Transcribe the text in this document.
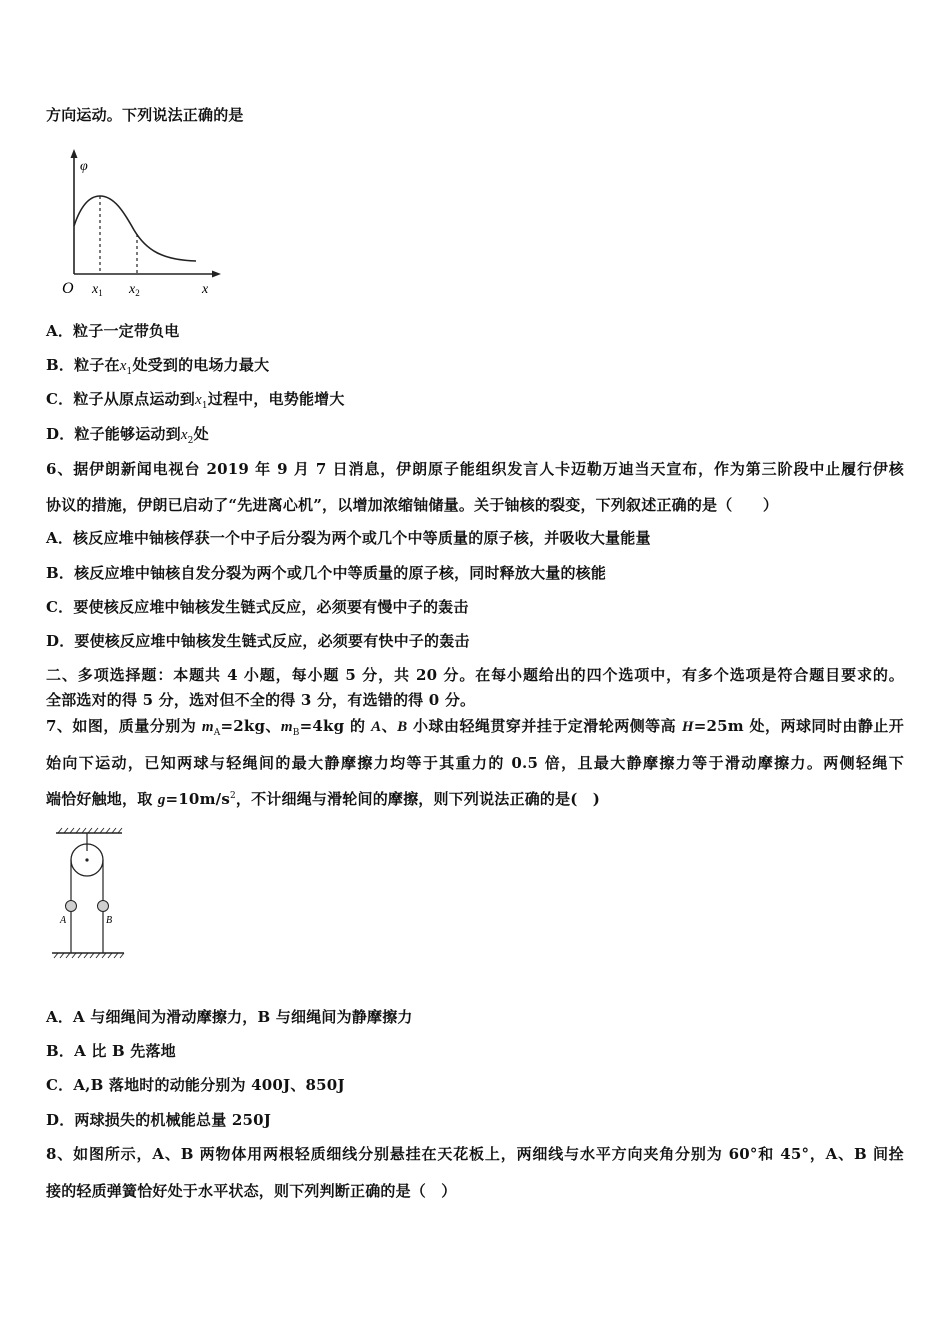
方向运动。下列说法正确的是
φ
O $x_1$ $x_2$	x
A．粒子一定带负电
B．粒子在$x_1$处受到的电场力最大
C．粒子从原点运动到$x_1$过程中，电势能增大
D．粒子能够运动到$x_2$处
6、据伊朗新闻电视台 2019 年 9 月 7 日消息，伊朗原子能组织发言人卡迈勒万迪当天宣布，作为第三阶段中止履行伊核
协议的措施，伊朗已启动了“先进离心机”，以增加浓缩铀储量。关于铀核的裂变，下列叙述正确的是（　　）
A．核反应堆中铀核俘获一个中子后分裂为两个或几个中等质量的原子核，并吸收大量能量
B．核反应堆中铀核自发分裂为两个或几个中等质量的原子核，同时释放大量的核能
C．要使核反应堆中铀核发生链式反应，必须要有慢中子的轰击
D．要使核反应堆中铀核发生链式反应，必须要有快中子的轰击
二、多项选择题：本题共 4 小题，每小题 5 分，共 20 分。在每小题给出的四个选项中，有多个选项是符合题目要求的。
全部选对的得 5 分，选对但不全的得 3 分，有选错的得 0 分。
7、如图，质量分别为 $m_A=2kg$、$m_B=4kg$ 的 A、B 小球由轻绳贯穿并挂于定滑轮两侧等高 H=25m 处，两球同时由静止开
始向下运动，已知两球与轻绳间的最大静摩擦力均等于其重力的 0.5 倍，且最大静摩擦力等于滑动摩擦力。两侧轻绳下
端恰好触地，取 $g=10m/s^2$，不计细绳与滑轮间的摩擦，则下列说法正确的是(　)
A	B
A．A 与细绳间为滑动摩擦力，B 与细绳间为静摩擦力
B．A 比 B 先落地
C．A,B 落地时的动能分别为 400J、850J
D．两球损失的机械能总量 250J
8、如图所示，A、B 两物体用两根轻质细线分别悬挂在天花板上，两细线与水平方向夹角分别为 60°和 45°，A、B 间拴
接的轻质弹簧恰好处于水平状态，则下列判断正确的是（　）
